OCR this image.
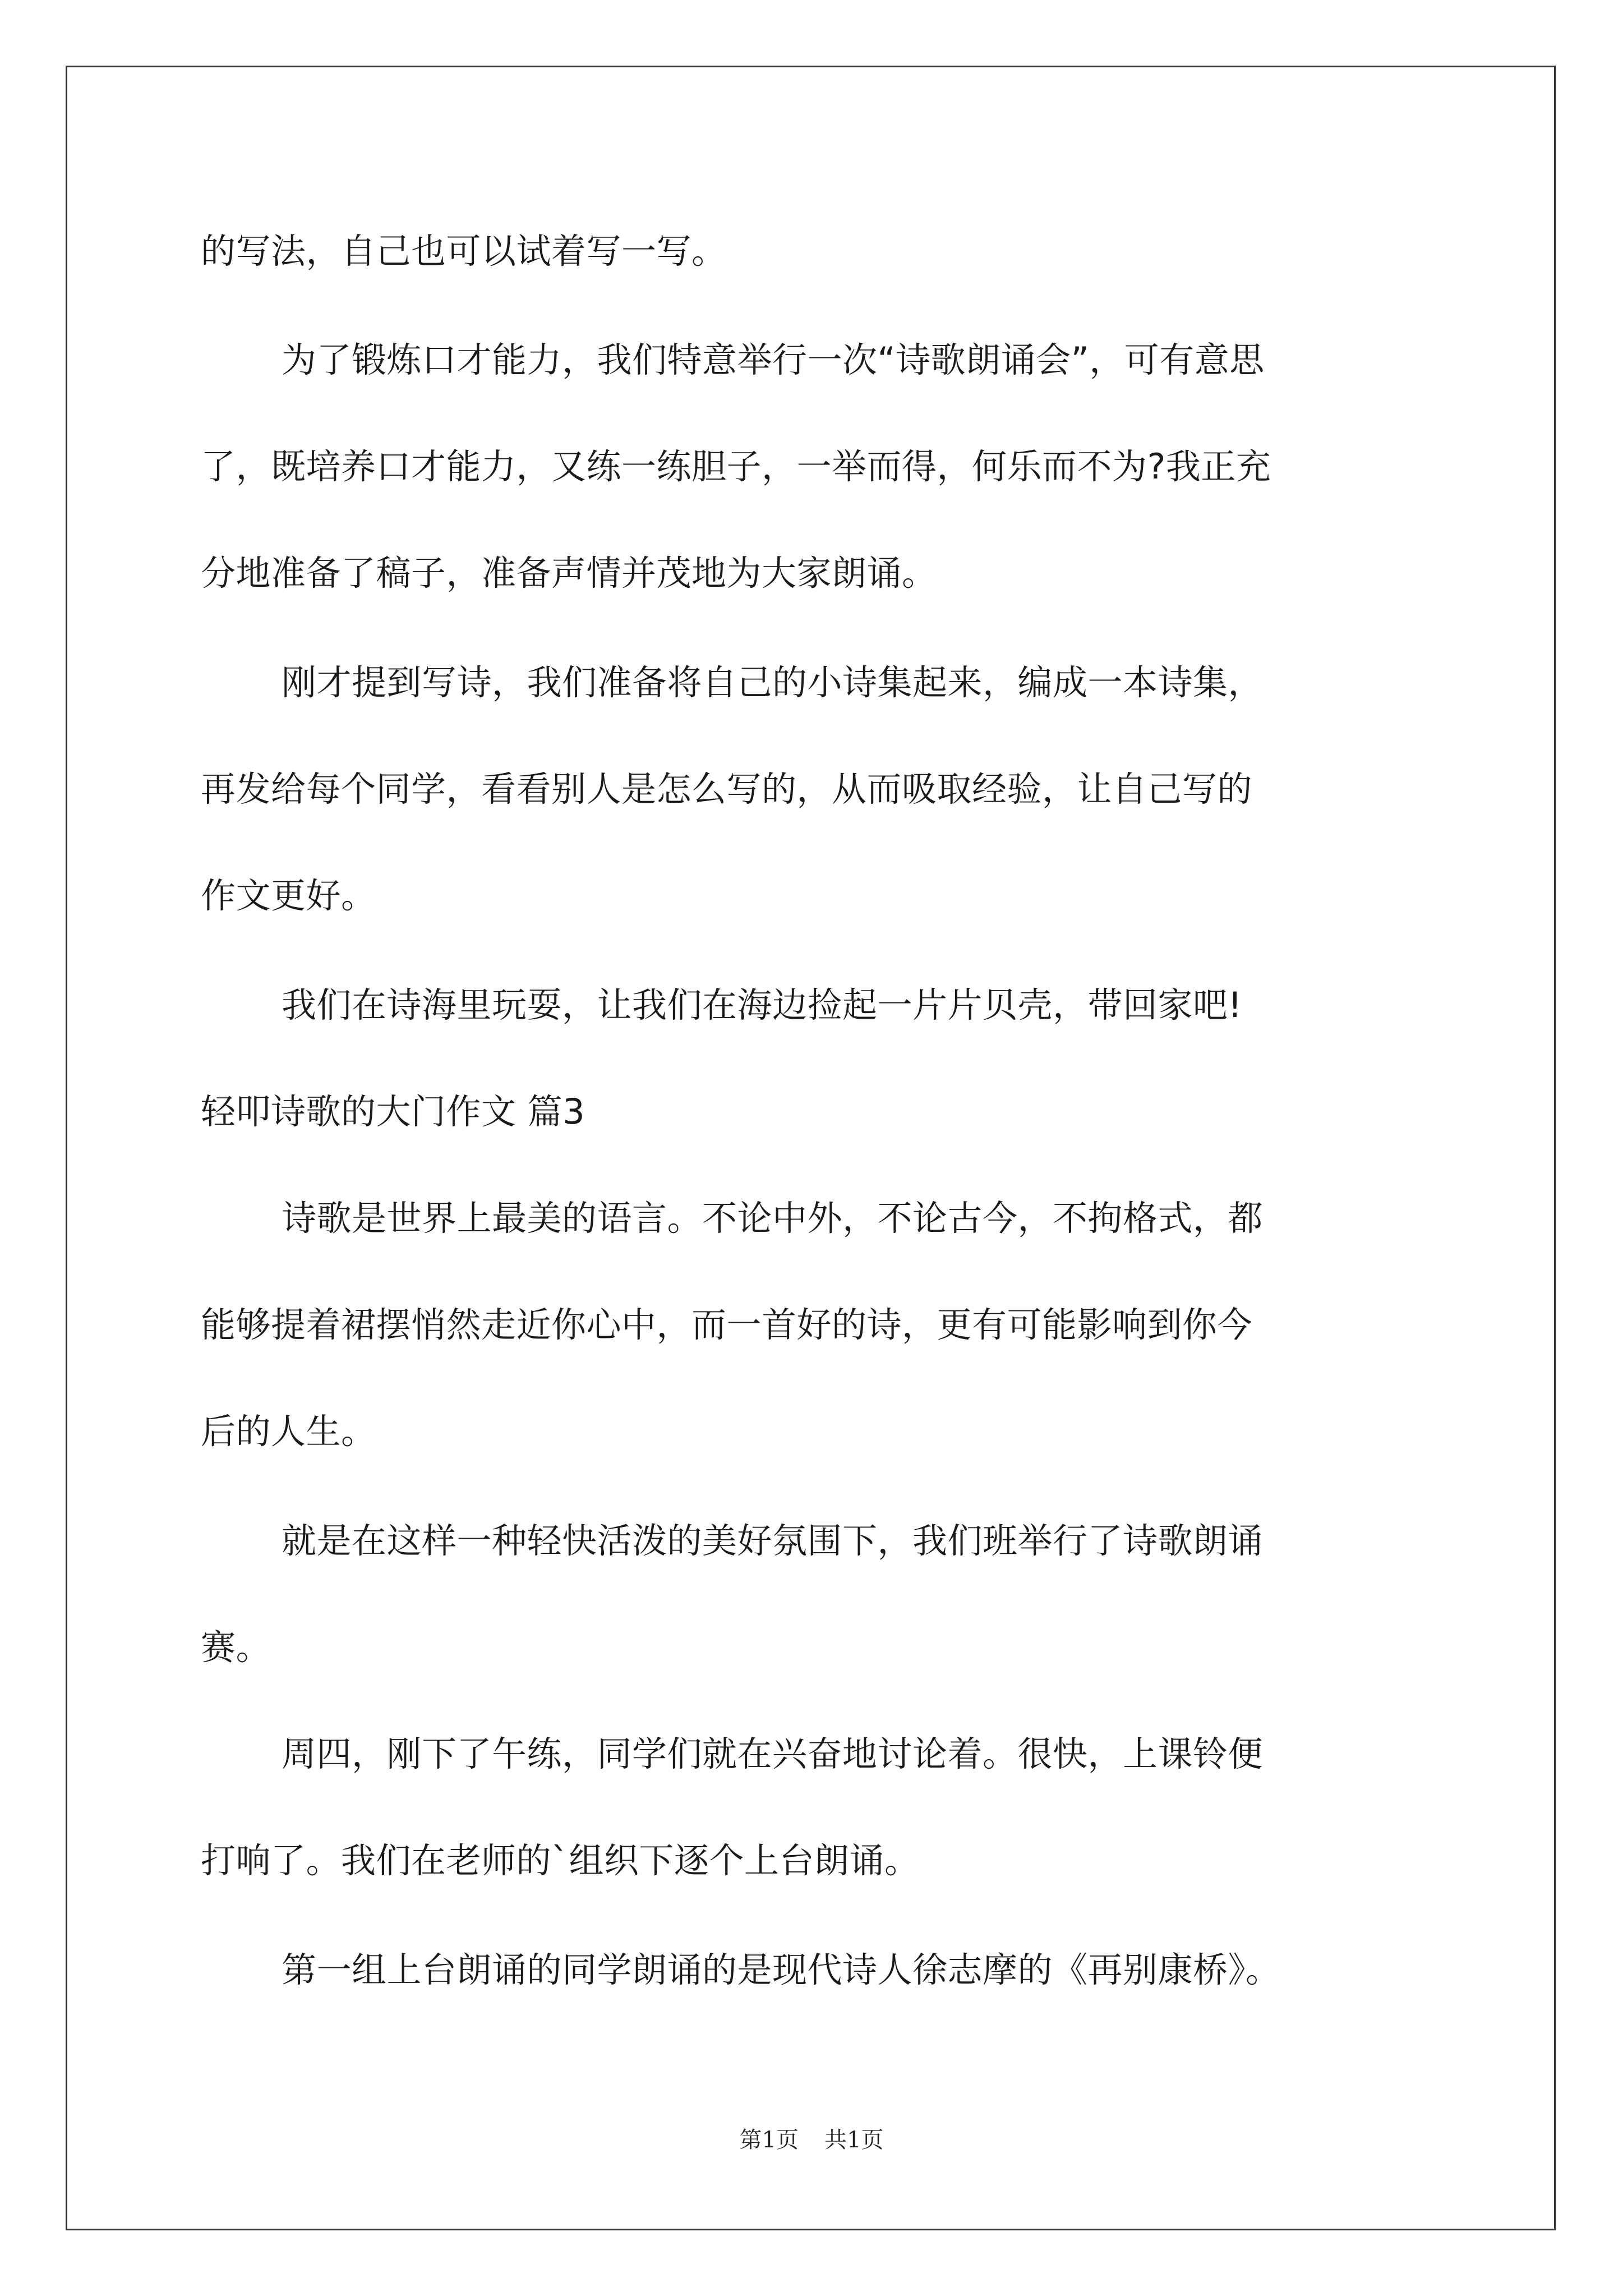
的写法，自己也可以试着写一写。
为了锻炼口才能力，我们特意举行一次“诗歌朗诵会”，可有意思
了，既培养口才能力，又练一练胆子，一举而得，何乐而不为?我正充
分地准备了稿子，准备声情并茂地为大家朗诵。
刚才提到写诗，我们准备将自己的小诗集起来，编成一本诗集，
再发给每个同学，看看别人是怎么写的，从而吸取经验，让自己写的
作文更好。
我们在诗海里玩耍，让我们在海边捡起一片片贝壳，带回家吧!
轻叩诗歌的大门作文 篇3
诗歌是世界上最美的语言。不论中外，不论古今，不拘格式，都
能够提着裙摆悄然走近你心中，而一首好的诗，更有可能影响到你今
后的人生。
就是在这样一种轻快活泼的美好氛围下，我们班举行了诗歌朗诵
赛。
周四，刚下了午练，同学们就在兴奋地讨论着。很快，上课铃便
打响了。我们在老师的`组织下逐个上台朗诵。
第一组上台朗诵的同学朗诵的是现代诗人徐志摩的《再别康桥》。
第1页 共1页
